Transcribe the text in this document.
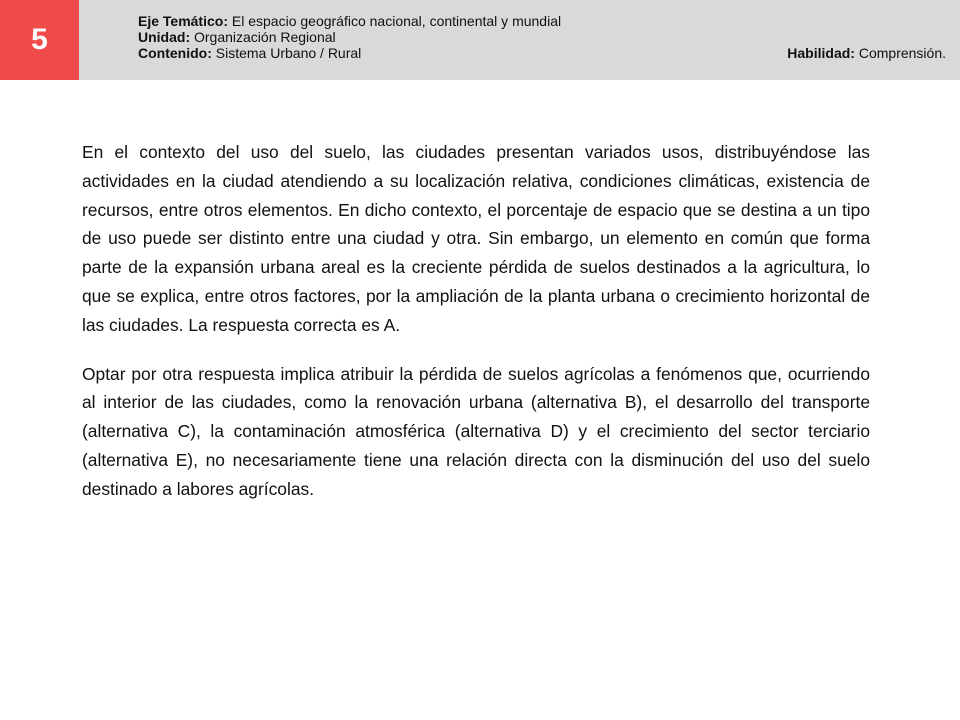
5
Eje Temático: El espacio geográfico nacional, continental y mundial
Unidad: Organización Regional
Contenido: Sistema Urbano / Rural	Habilidad: Comprensión.

En el contexto del uso del suelo, las ciudades presentan variados usos, distribuyéndose las actividades en la ciudad atendiendo a su localización relativa, condiciones climáticas, existencia de recursos, entre otros elementos. En dicho contexto, el porcentaje de espacio que se destina a un tipo de uso puede ser distinto entre una ciudad y otra. Sin embargo, un elemento en común que forma parte de la expansión urbana areal es la creciente pérdida de suelos destinados a la agricultura, lo que se explica, entre otros factores, por la ampliación de la planta urbana o crecimiento horizontal de las ciudades. La respuesta correcta es A.

Optar por otra respuesta implica atribuir la pérdida de suelos agrícolas a fenómenos que, ocurriendo al interior de las ciudades, como la renovación urbana (alternativa B), el desarrollo del transporte (alternativa C), la contaminación atmosférica (alternativa D) y el crecimiento del sector terciario (alternativa E), no necesariamente tiene una relación directa con la disminución del uso del suelo destinado a labores agrícolas.
